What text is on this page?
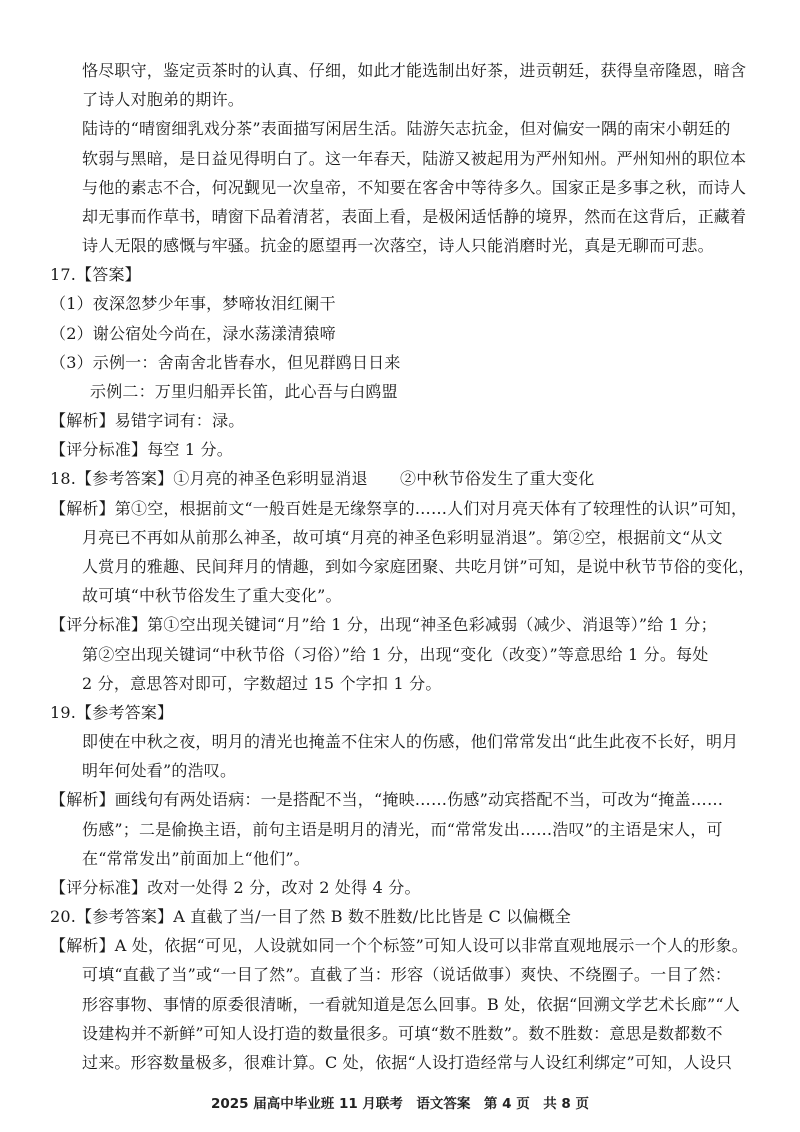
恪尽职守，鉴定贡茶时的认真、仔细，如此才能选制出好茶，进贡朝廷，获得皇帝隆恩，暗含
了诗人对胞弟的期许。
陆诗的“晴窗细乳戏分茶”表面描写闲居生活。陆游矢志抗金，但对偏安一隅的南宋小朝廷的
软弱与黑暗，是日益见得明白了。这一年春天，陆游又被起用为严州知州。严州知州的职位本
与他的素志不合，何况觐见一次皇帝，不知要在客舍中等待多久。国家正是多事之秋，而诗人
却无事而作草书，晴窗下品着清茗，表面上看，是极闲适恬静的境界，然而在这背后，正藏着
诗人无限的感慨与牢骚。抗金的愿望再一次落空，诗人只能消磨时光，真是无聊而可悲。
17.【答案】
（1）夜深忽梦少年事，梦啼妆泪红阑干
（2）谢公宿处今尚在，渌水荡漾清猿啼
（3）示例一：舍南舍北皆春水，但见群鸥日日来
示例二：万里归船弄长笛，此心吾与白鸥盟
【解析】易错字词有：渌。
【评分标准】每空 1 分。
18.【参考答案】①月亮的神圣色彩明显消退　　②中秋节俗发生了重大变化
【解析】第①空，根据前文“一般百姓是无缘祭享的……人们对月亮天体有了较理性的认识”可知，
月亮已不再如从前那么神圣，故可填“月亮的神圣色彩明显消退”。第②空，根据前文“从文
人赏月的雅趣、民间拜月的情趣，到如今家庭团聚、共吃月饼”可知，是说中秋节节俗的变化，
故可填“中秋节俗发生了重大变化”。
【评分标准】第①空出现关键词“月”给 1 分，出现“神圣色彩减弱（减少、消退等）”给 1 分；
第②空出现关键词“中秋节俗（习俗）”给 1 分，出现“变化（改变）”等意思给 1 分。每处
2 分，意思答对即可，字数超过 15 个字扣 1 分。
19.【参考答案】
即使在中秋之夜，明月的清光也掩盖不住宋人的伤感，他们常常发出“此生此夜不长好，明月
明年何处看”的浩叹。
【解析】画线句有两处语病：一是搭配不当，“掩映……伤感”动宾搭配不当，可改为“掩盖……
伤感”；二是偷换主语，前句主语是明月的清光，而“常常发出……浩叹”的主语是宋人，可
在“常常发出”前面加上“他们”。
【评分标准】改对一处得 2 分，改对 2 处得 4 分。
20.【参考答案】A 直截了当/一目了然 B 数不胜数/比比皆是 C 以偏概全
【解析】A 处，依据“可见，人设就如同一个个标签”可知人设可以非常直观地展示一个人的形象。
可填“直截了当”或“一目了然”。直截了当：形容（说话做事）爽快、不绕圈子。一目了然：
形容事物、事情的原委很清晰，一看就知道是怎么回事。B 处，依据“回溯文学艺术长廊”“人
设建构并不新鲜”可知人设打造的数量很多。可填“数不胜数”。数不胜数：意思是数都数不
过来。形容数量极多，很难计算。C 处，依据“人设打造经常与人设红利绑定”可知，人设只
2025 届高中毕业班 11 月联考　语文答案　第 4 页　共 8 页
